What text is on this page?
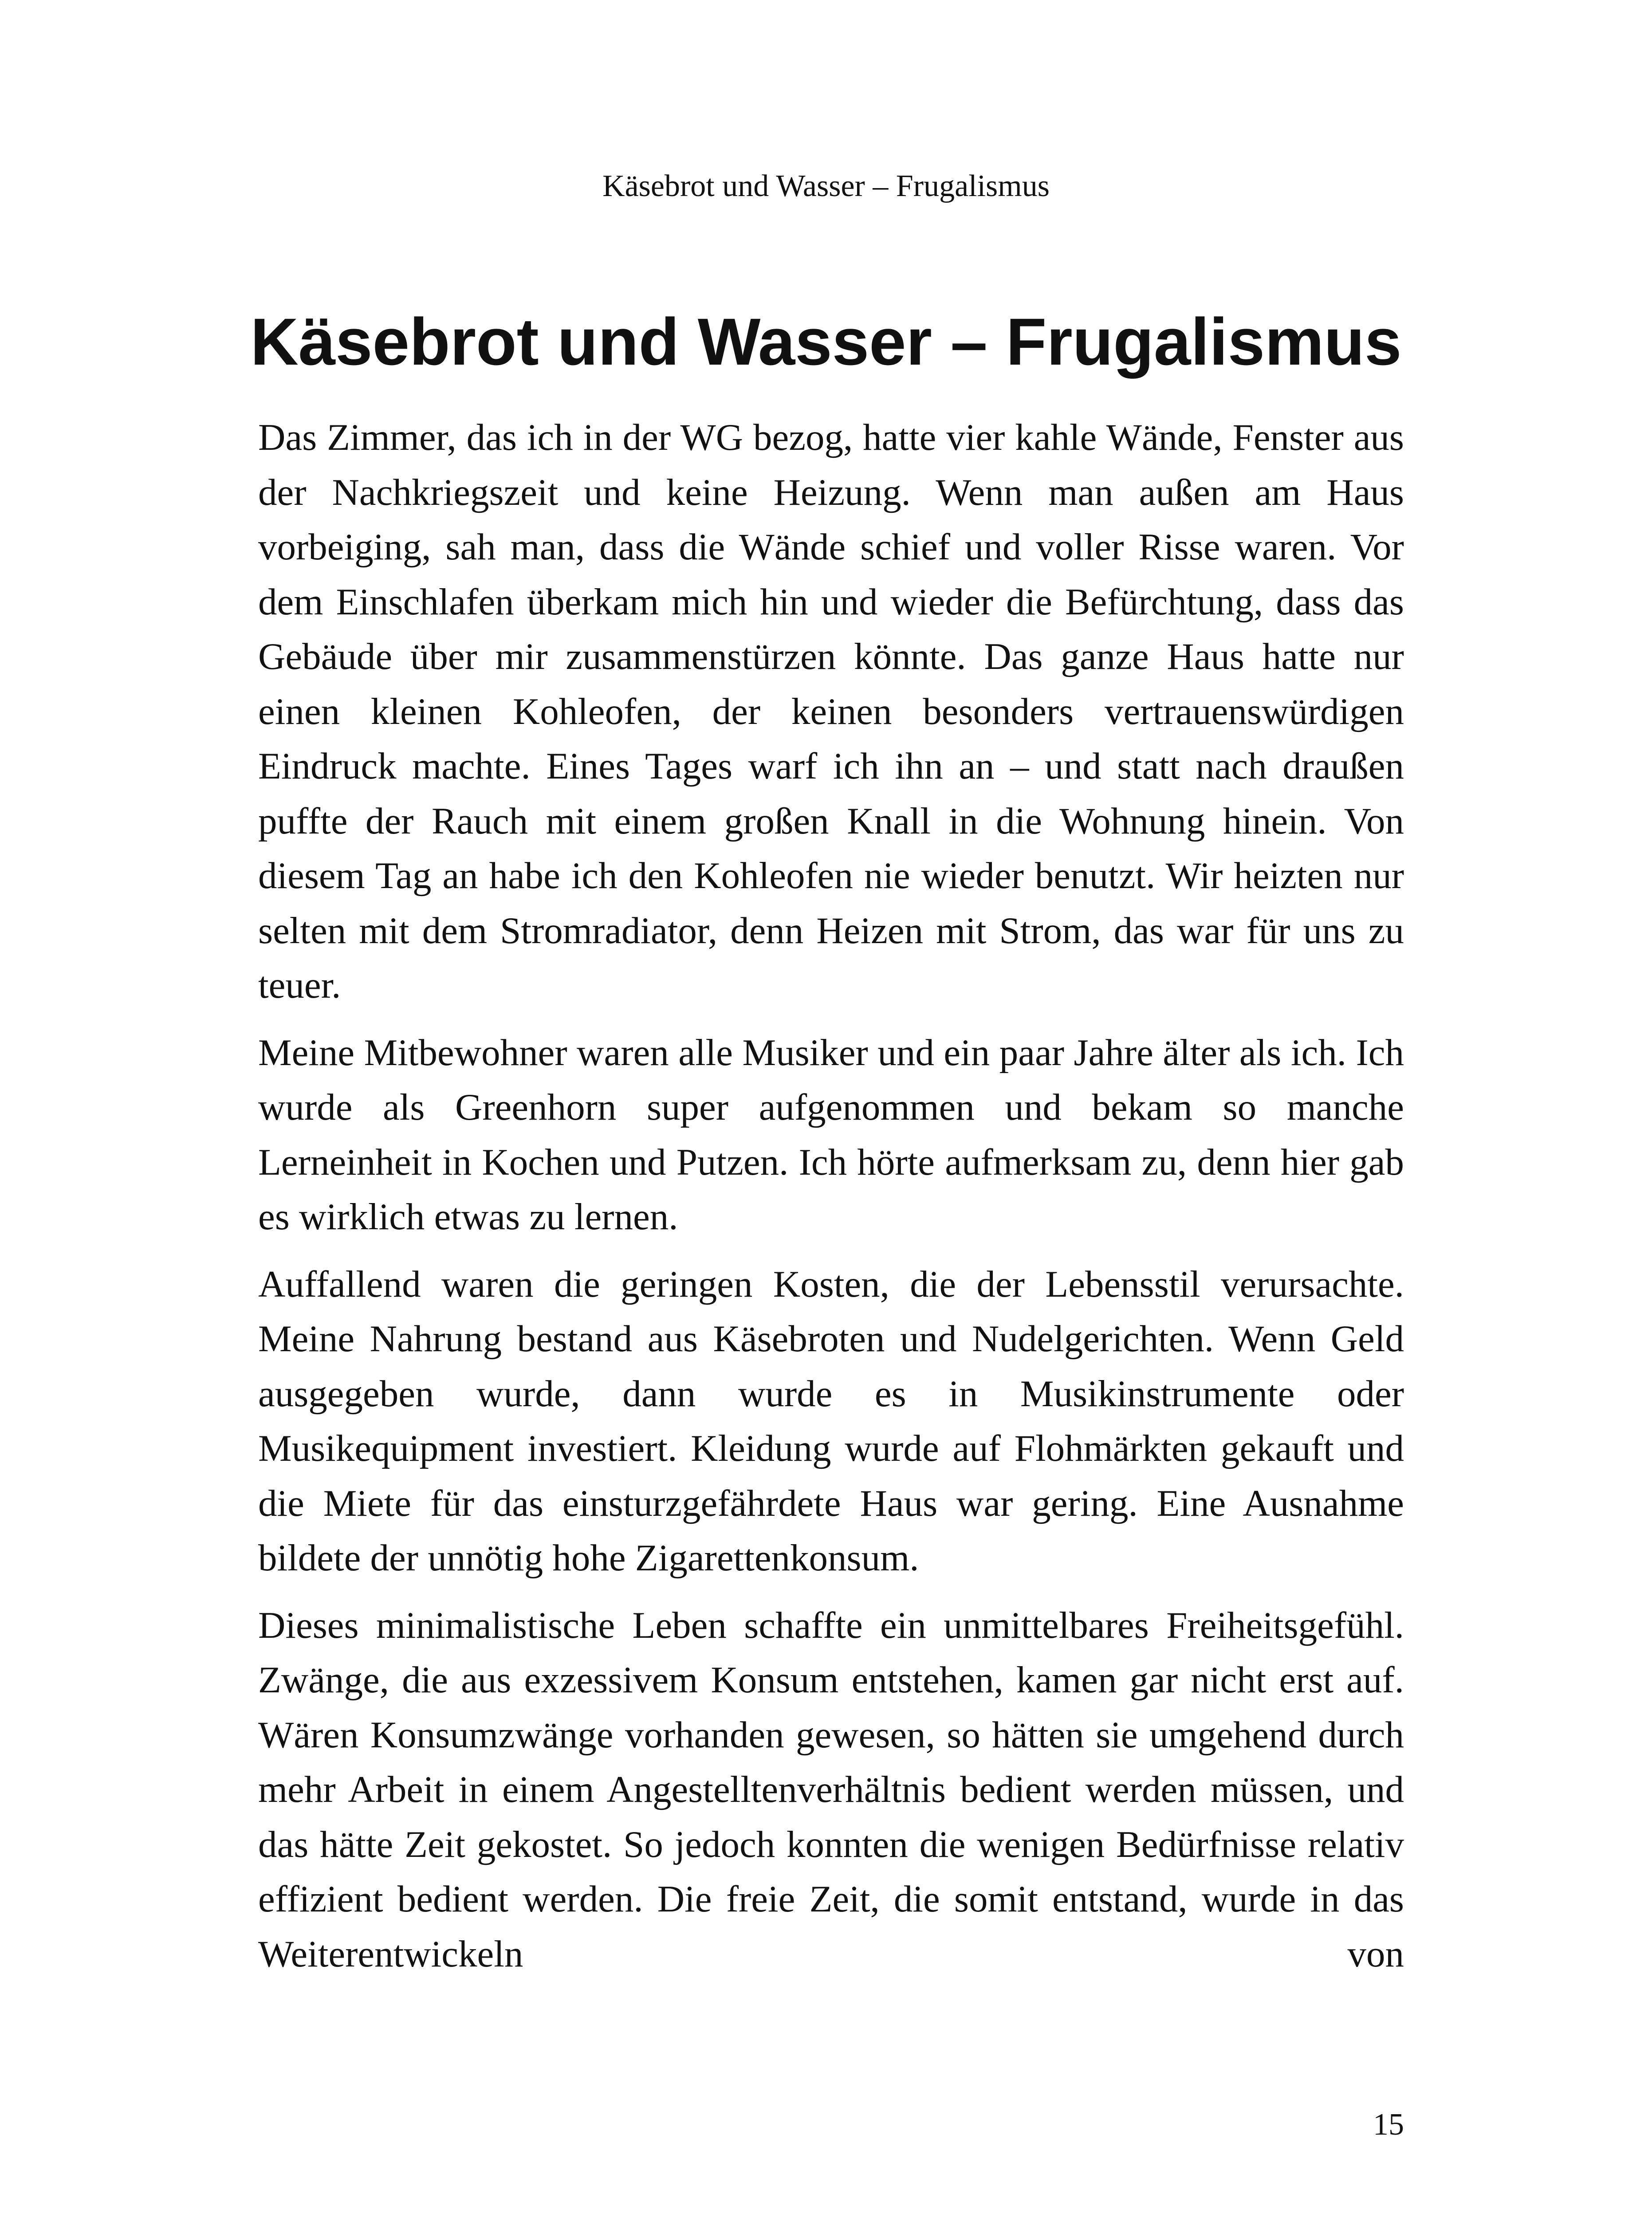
Käsebrot und Wasser – Frugalismus
Käsebrot und Wasser – Frugalismus

Das Zimmer, das ich in der WG bezog, hatte vier kahle Wände, Fenster aus der Nachkriegszeit und keine Heizung. Wenn man außen am Haus vorbeiging, sah man, dass die Wände schief und voller Risse waren. Vor dem Einschlafen überkam mich hin und wieder die Befürchtung, dass das Gebäude über mir zusammenstürzen könnte. Das ganze Haus hatte nur einen kleinen Kohleofen, der keinen besonders vertrauenswürdigen Eindruck machte. Eines Tages warf ich ihn an – und statt nach draußen puffte der Rauch mit einem großen Knall in die Wohnung hinein. Von diesem Tag an habe ich den Kohleofen nie wieder benutzt. Wir heizten nur selten mit dem Stromradiator, denn Heizen mit Strom, das war für uns zu teuer.

Meine Mitbewohner waren alle Musiker und ein paar Jahre älter als ich. Ich wurde als Greenhorn super aufgenommen und bekam so manche Lerneinheit in Kochen und Putzen. Ich hörte aufmerksam zu, denn hier gab es wirklich etwas zu lernen.

Auffallend waren die geringen Kosten, die der Lebensstil verursachte. Meine Nahrung bestand aus Käsebroten und Nudelgerichten. Wenn Geld ausgegeben wurde, dann wurde es in Musikinstrumente oder Musikequipment investiert. Kleidung wurde auf Flohmärkten gekauft und die Miete für das einsturzgefährdete Haus war gering. Eine Ausnahme bildete der unnötig hohe Zigarettenkonsum.

Dieses minimalistische Leben schaffte ein unmittelbares Freiheitsgefühl. Zwänge, die aus exzessivem Konsum entstehen, kamen gar nicht erst auf. Wären Konsumzwänge vorhanden gewesen, so hätten sie umgehend durch mehr Arbeit in einem Angestelltenverhältnis bedient werden müssen, und das hätte Zeit gekostet. So jedoch konnten die wenigen Bedürfnisse relativ effizient bedient werden. Die freie Zeit, die somit entstand, wurde in das Weiterentwickeln von

15
